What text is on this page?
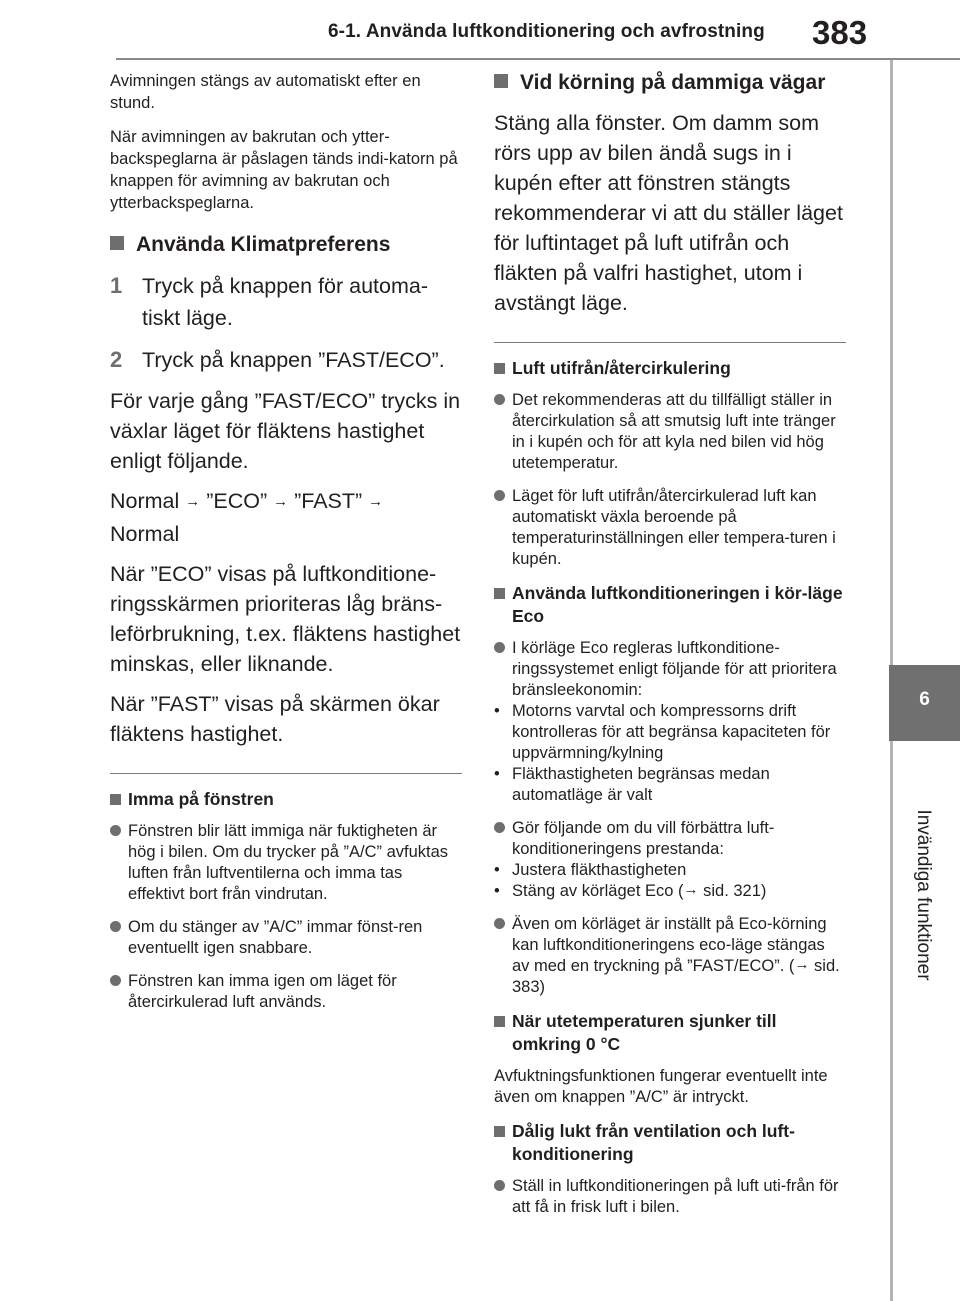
6-1. Använda luftkonditionering och avfrostning 383
6
Invändiga funktioner

Avimningen stängs av automatiskt efter en stund.

När avimningen av bakrutan och ytter-backspeglarna är påslagen tänds indi-katorn på knappen för avimning av bakrutan och ytterbackspeglarna.

Använda Klimatpreferens
1 Tryck på knappen för automa-tiskt läge.
2 Tryck på knappen ”FAST/ECO”.

För varje gång ”FAST/ECO” trycks in växlar läget för fläktens hastighet enligt följande.

Normal → ”ECO” → ”FAST” →
Normal

När ”ECO” visas på luftkonditione-ringsskärmen prioriteras låg bräns-leförbrukning, t.ex. fläktens hastighet minskas, eller liknande.

När ”FAST” visas på skärmen ökar fläktens hastighet.

Imma på fönstren
Fönstren blir lätt immiga när fuktigheten är hög i bilen. Om du trycker på ”A/C” avfuktas luften från luftventilerna och imma tas effektivt bort från vindrutan.
Om du stänger av ”A/C” immar fönst-ren eventuellt igen snabbare.
Fönstren kan imma igen om läget för återcirkulerad luft används.
Vid körning på dammiga vägar

Stäng alla fönster. Om damm som rörs upp av bilen ändå sugs in i kupén efter att fönstren stängts rekommenderar vi att du ställer läget för luftintaget på luft utifrån och fläkten på valfri hastighet, utom i avstängt läge.

Luft utifrån/återcirkulering
Det rekommenderas att du tillfälligt ställer in återcirkulation så att smutsig luft inte tränger in i kupén och för att kyla ned bilen vid hög utetemperatur.
Läget för luft utifrån/återcirkulerad luft kan automatiskt växla beroende på temperaturinställningen eller tempera-turen i kupén.
Använda luftkonditioneringen i kör-läge Eco
I körläge Eco regleras luftkonditione-ringssystemet enligt följande för att prioritera bränsleekonomin:
• Motorns varvtal och kompressorns drift kontrolleras för att begränsa kapaciteten för uppvärmning/kylning
• Fläkthastigheten begränsas medan automatläge är valt
Gör följande om du vill förbättra luft-konditioneringens prestanda:
• Justera fläkthastigheten
• Stäng av körläget Eco (→ sid. 321)
Även om körläget är inställt på Eco-körning kan luftkonditioneringens eco-läge stängas av med en tryckning på ”FAST/ECO”. (→ sid. 383)
När utetemperaturen sjunker till omkring 0 °C

Avfuktningsfunktionen fungerar eventuellt inte även om knappen ”A/C” är intryckt.

Dålig lukt från ventilation och luft-konditionering
Ställ in luftkonditioneringen på luft uti-från för att få in frisk luft i bilen.
